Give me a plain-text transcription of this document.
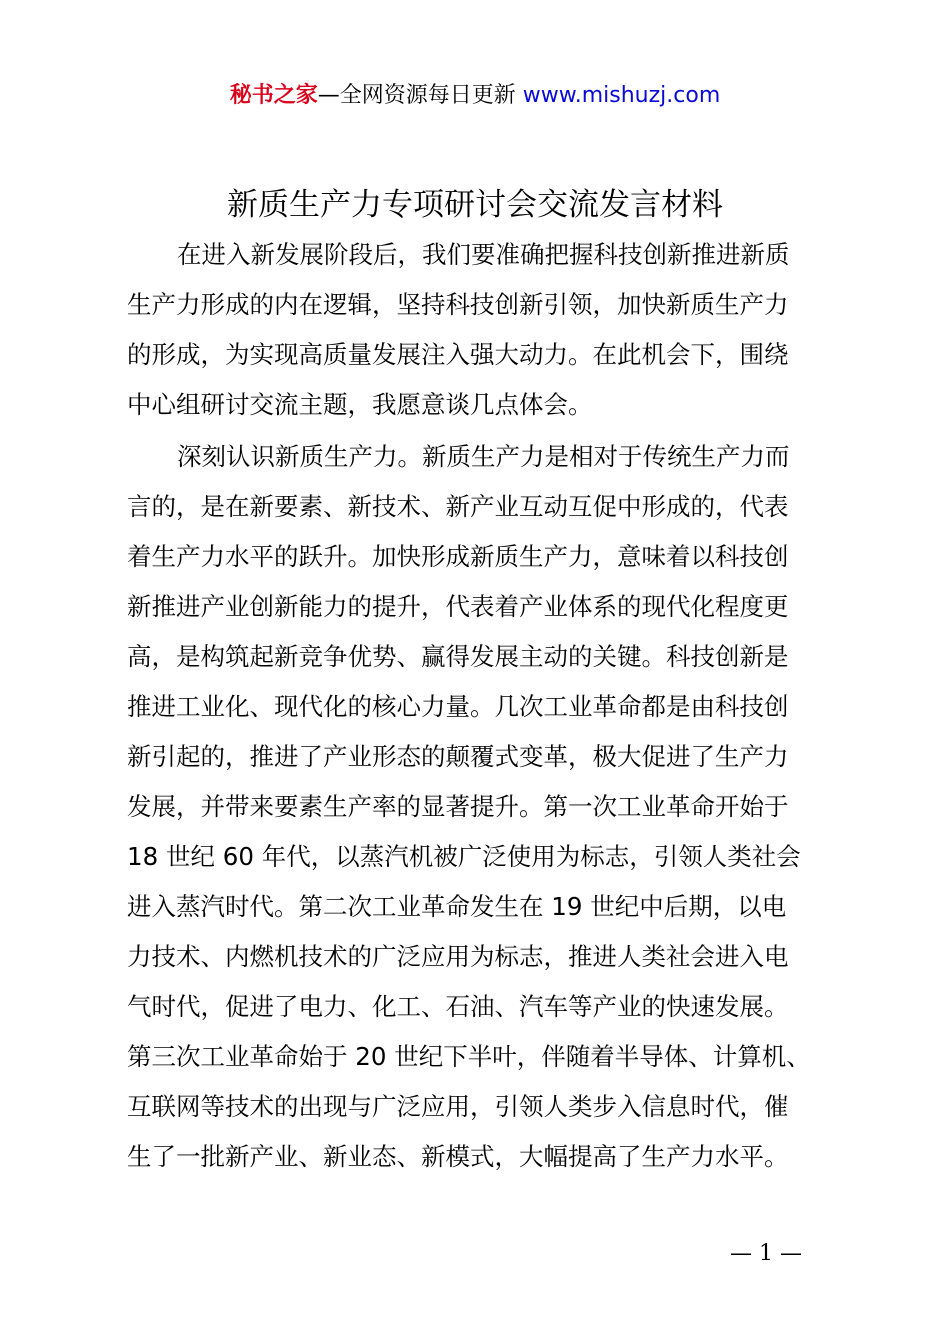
秘书之家—全网资源每日更新 www.mishuzj.com
新质生产力专项研讨会交流发言材料

在进入新发展阶段后，我们要准确把握科技创新推进新质
生产力形成的内在逻辑，坚持科技创新引领，加快新质生产力
的形成，为实现高质量发展注入强大动力。在此机会下，围绕
中心组研讨交流主题，我愿意谈几点体会。

深刻认识新质生产力。新质生产力是相对于传统生产力而
言的，是在新要素、新技术、新产业互动互促中形成的，代表
着生产力水平的跃升。加快形成新质生产力，意味着以科技创
新推进产业创新能力的提升，代表着产业体系的现代化程度更
高，是构筑起新竞争优势、赢得发展主动的关键。科技创新是
推进工业化、现代化的核心力量。几次工业革命都是由科技创
新引起的，推进了产业形态的颠覆式变革，极大促进了生产力
发展，并带来要素生产率的显著提升。第一次工业革命开始于
18 世纪 60 年代，以蒸汽机被广泛使用为标志，引领人类社会
进入蒸汽时代。第二次工业革命发生在 19 世纪中后期，以电
力技术、内燃机技术的广泛应用为标志，推进人类社会进入电
气时代，促进了电力、化工、石油、汽车等产业的快速发展。
第三次工业革命始于 20 世纪下半叶，伴随着半导体、计算机、
互联网等技术的出现与广泛应用，引领人类步入信息时代，催
生了一批新产业、新业态、新模式，大幅提高了生产力水平。

— 1 —
